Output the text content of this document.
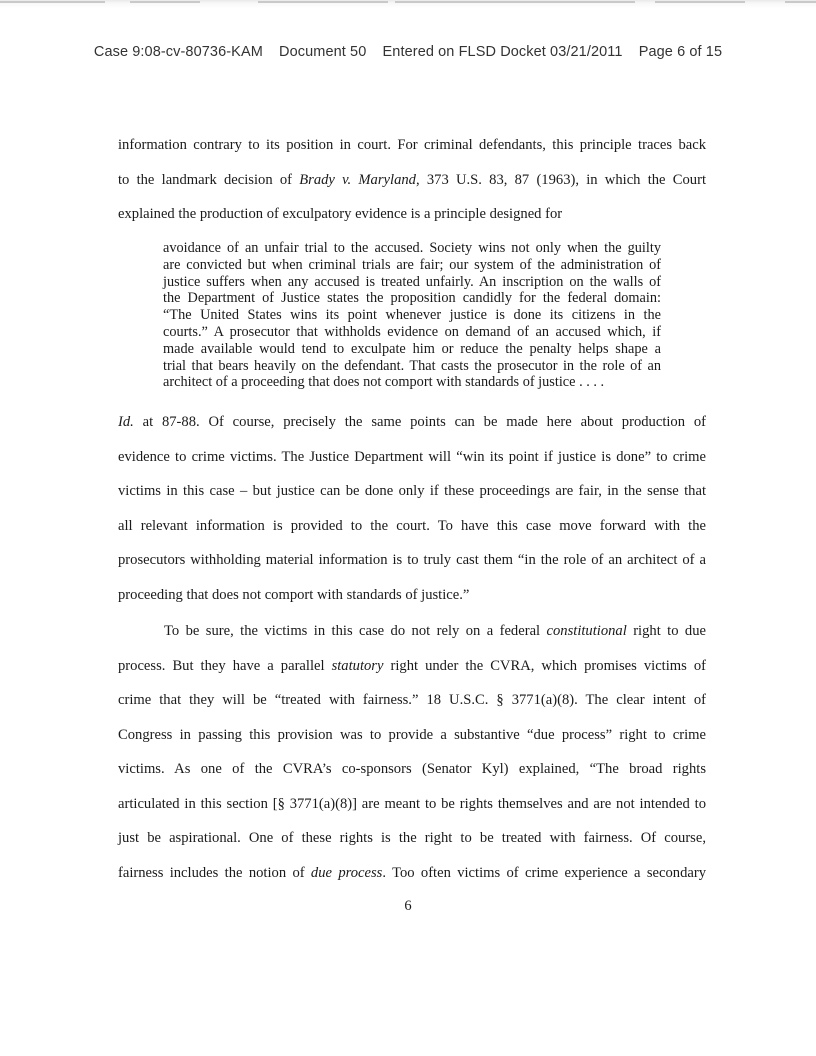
Case 9:08-cv-80736-KAM Document 50 Entered on FLSD Docket 03/21/2011 Page 6 of 15
information contrary to its position in court. For criminal defendants, this principle traces back
to the landmark decision of Brady v. Maryland, 373 U.S. 83, 87 (1963), in which the Court
explained the production of exculpatory evidence is a principle designed for
avoidance of an unfair trial to the accused. Society wins not only when the guilty
are convicted but when criminal trials are fair; our system of the administration of
justice suffers when any accused is treated unfairly. An inscription on the walls of
the Department of Justice states the proposition candidly for the federal domain:
“The United States wins its point whenever justice is done its citizens in the
courts.” A prosecutor that withholds evidence on demand of an accused which, if
made available would tend to exculpate him or reduce the penalty helps shape a
trial that bears heavily on the defendant. That casts the prosecutor in the role of an
architect of a proceeding that does not comport with standards of justice . . . .
Id. at 87-88. Of course, precisely the same points can be made here about production of
evidence to crime victims. The Justice Department will “win its point if justice is done” to crime
victims in this case – but justice can be done only if these proceedings are fair, in the sense that
all relevant information is provided to the court. To have this case move forward with the
prosecutors withholding material information is to truly cast them “in the role of an architect of a
proceeding that does not comport with standards of justice.”
To be sure, the victims in this case do not rely on a federal constitutional right to due
process. But they have a parallel statutory right under the CVRA, which promises victims of
crime that they will be “treated with fairness.” 18 U.S.C. § 3771(a)(8). The clear intent of
Congress in passing this provision was to provide a substantive “due process” right to crime
victims. As one of the CVRA’s co-sponsors (Senator Kyl) explained, “The broad rights
articulated in this section [§ 3771(a)(8)] are meant to be rights themselves and are not intended to
just be aspirational. One of these rights is the right to be treated with fairness. Of course,
fairness includes the notion of due process. Too often victims of crime experience a secondary
6
